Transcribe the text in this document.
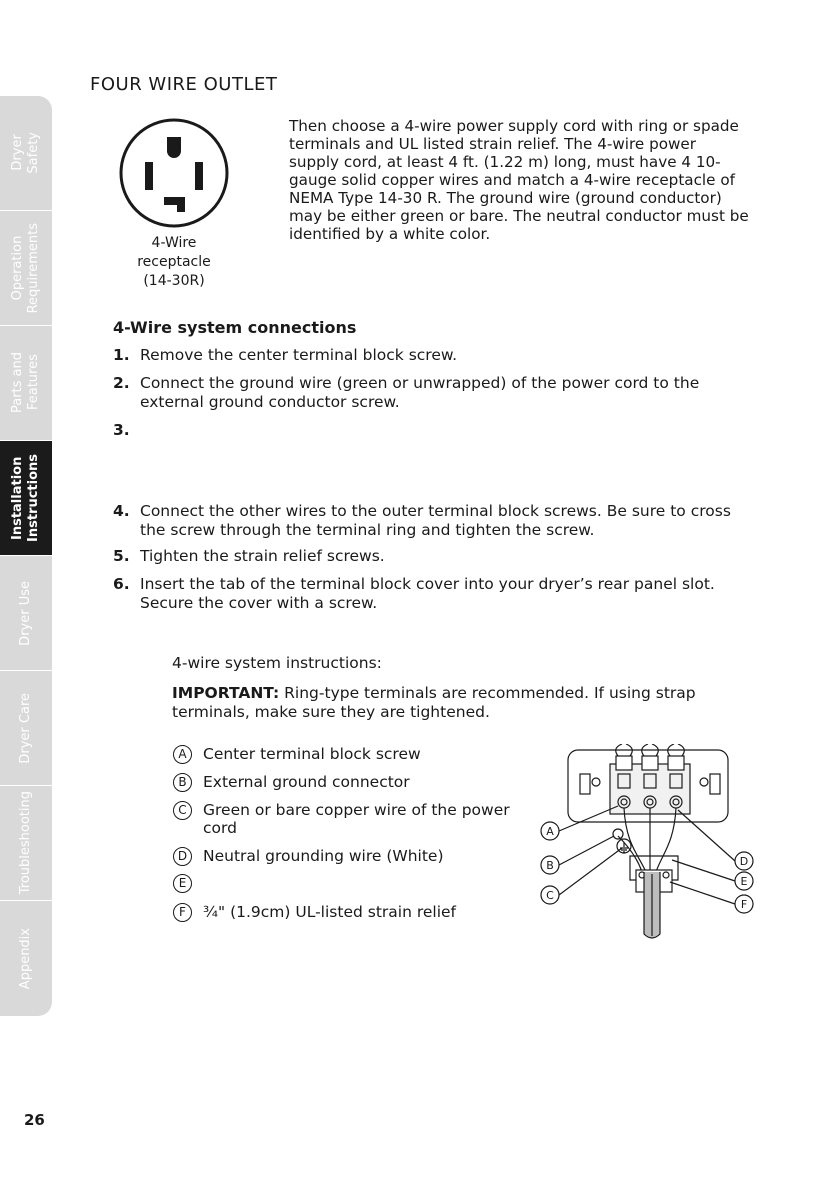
Dryer
Safety
Operation
Requirements
Parts and
Features
Installation
Instructions
Dryer Use
Dryer Care
Troubleshooting
Appendix
FOUR WIRE OUTLET
4-Wire
receptacle
(14-30R)
Then choose a 4-wire power supply cord with ring or spade terminals and UL listed strain relief. The 4-wire power supply cord, at least 4 ft. (1.22 m) long, must have 4 10-gauge solid copper wires and match a 4-wire receptacle of NEMA Type 14-30 R. The ground wire (ground conductor) may be either green or bare. The neutral conductor must be identified by a white color.
4-Wire system connections
1. Remove the center terminal block screw.
2. Connect the ground wire (green or unwrapped) of the power cord to the external ground conductor screw.
3.
4. Connect the other wires to the outer terminal block screws. Be sure to cross the screw through the terminal ring and tighten the screw.
5. Tighten the strain relief screws.
6. Insert the tab of the terminal block cover into your dryer’s rear panel slot. Secure the cover with a screw.
4-wire system instructions:
IMPORTANT: Ring-type terminals are recommended. If using strap terminals, make sure they are tightened.
A	Center terminal block screw
B	External ground connector
C	Green or bare copper wire of the power cord
D	Neutral grounding wire (White)
E
F	¾" (1.9cm) UL-listed strain relief
A
B
C
D
E
F
26
